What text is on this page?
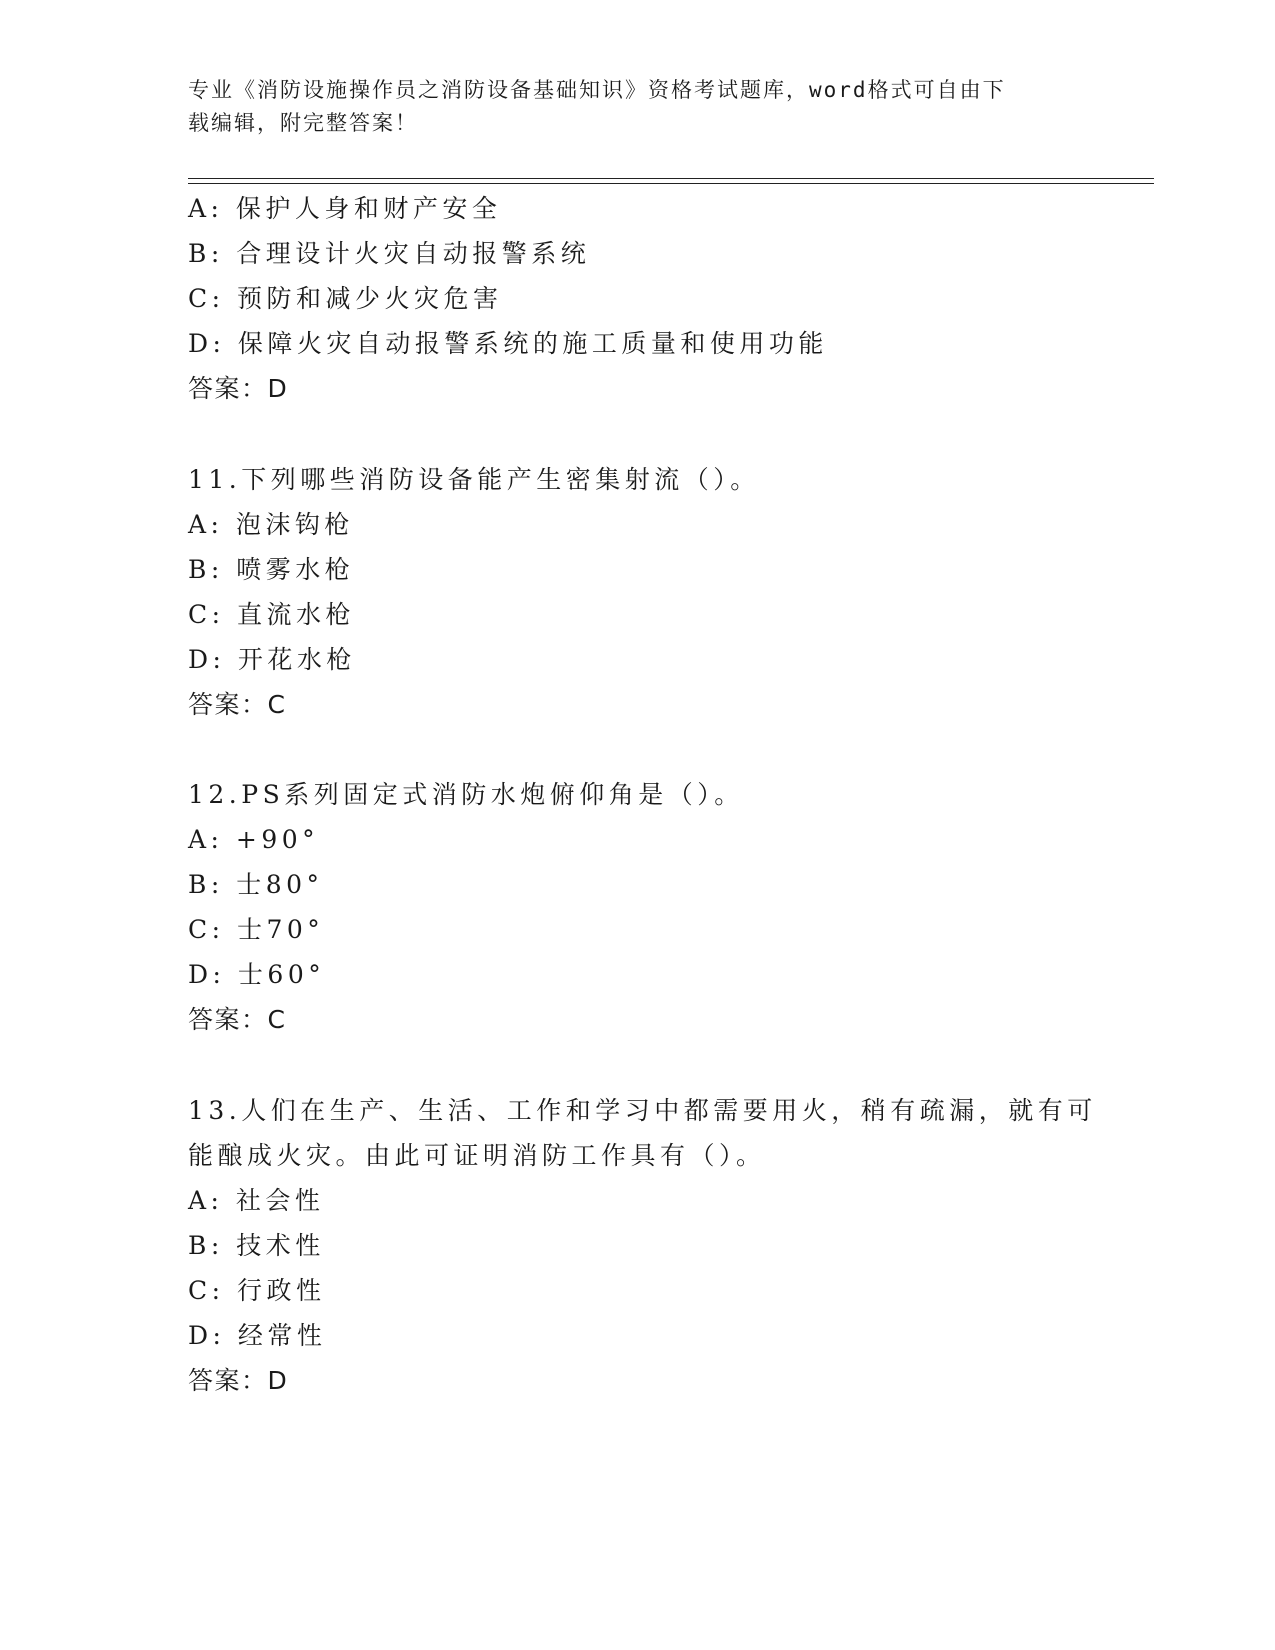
专业《消防设施操作员之消防设备基础知识》资格考试题库，word格式可自由下
载编辑，附完整答案！
A: 保护人身和财产安全
B: 合理设计火灾自动报警系统
C: 预防和减少火灾危害
D: 保障火灾自动报警系统的施工质量和使用功能
答案：D
11.下列哪些消防设备能产生密集射流（）。
A: 泡沫钩枪
B: 喷雾水枪
C: 直流水枪
D: 开花水枪
答案：C
12.PS系列固定式消防水炮俯仰角是（）。
A: +90°
B: 士80°
C: 士70°
D: 士60°
答案：C
13.人们在生产、生活、工作和学习中都需要用火，稍有疏漏，就有可
能酿成火灾。由此可证明消防工作具有（）。
A: 社会性
B: 技术性
C: 行政性
D: 经常性
答案：D
